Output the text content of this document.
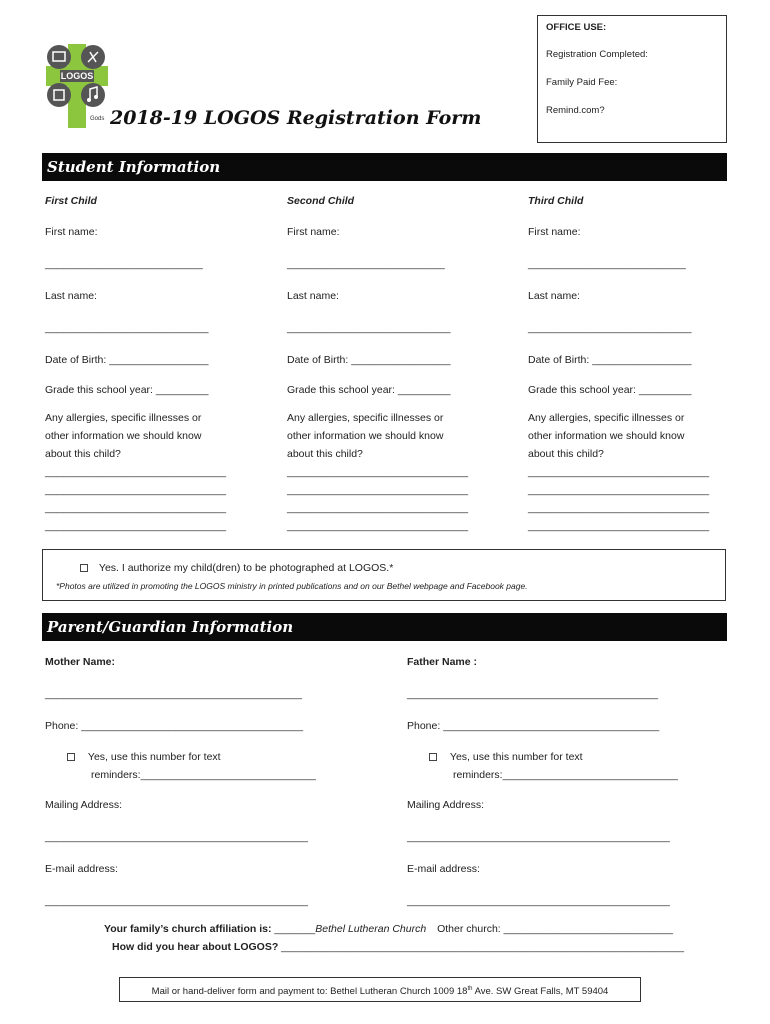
OFFICE USE:
Registration Completed:
Family Paid Fee:
Remind.com?
LOGOS
Gods 2018-19 LOGOS Registration Form
Student Information
First Child
First name:
___________________________
Last name:
____________________________
Date of Birth: _________________
Grade this school year: _________
Any allergies, specific illnesses or
other information we should know
about this child?
_______________________________
_______________________________
_______________________________
_______________________________
Second Child
First name:
___________________________
Last name:
____________________________
Date of Birth: _________________
Grade this school year: _________
Any allergies, specific illnesses or
other information we should know
about this child?
_______________________________
_______________________________
_______________________________
_______________________________
Third Child
First name:
___________________________
Last name:
____________________________
Date of Birth: _________________
Grade this school year: _________
Any allergies, specific illnesses or
other information we should know
about this child?
_______________________________
_______________________________
_______________________________
_______________________________
Yes. I authorize my child(dren) to be photographed at LOGOS.*
*Photos are utilized in promoting the LOGOS ministry in printed publications and on our Bethel webpage and Facebook page.
Parent/Guardian Information
Mother Name:
____________________________________________
Phone: ______________________________________
Yes, use this number for text
reminders:______________________________
Mailing Address:
_____________________________________________
E-mail address:
_____________________________________________
Father Name :
___________________________________________
Phone: _____________________________________
Yes, use this number for text
reminders:______________________________
Mailing Address:
_____________________________________________
E-mail address:
_____________________________________________
Your family’s church affiliation is: _______Bethel Lutheran Church Other church: _____________________________
How did you hear about LOGOS? _____________________________________________________________________
Mail or hand-deliver form and payment to: Bethel Lutheran Church 1009 18th Ave. SW Great Falls, MT 59404
